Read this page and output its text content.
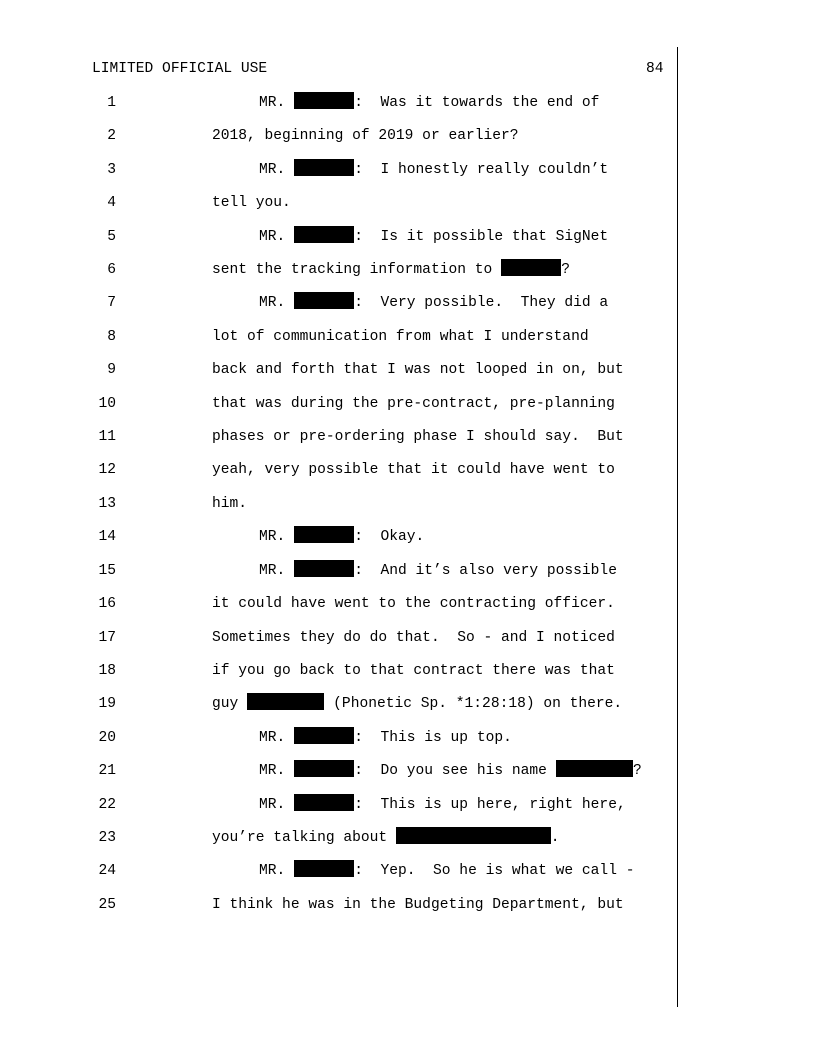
LIMITED OFFICIAL USE	84
1	MR.	:  Was it towards the end of
2	2018, beginning of 2019 or earlier?
3	MR.	:  I honestly really couldn’t
4	tell you.
5	MR.	:  Is it possible that SigNet
6	sent the tracking information to	?
7	MR.	:  Very possible.  They did a
8	lot of communication from what I understand
9	back and forth that I was not looped in on, but
10	that was during the pre-contract, pre-planning
11	phases or pre-ordering phase I should say.  But
12	yeah, very possible that it could have went to
13	him.
14	MR.	:  Okay.
15	MR.	:  And it’s also very possible
16	it could have went to the contracting officer.
17	Sometimes they do do that.  So - and I noticed
18	if you go back to that contract there was that
19	guy	(Phonetic Sp. *1:28:18) on there.
20	MR.	:  This is up top.
21	MR.	:  Do you see his name	?
22	MR.	:  This is up here, right here,
23	you’re talking about	.
24	MR.	:  Yep.  So he is what we call -
25	I think he was in the Budgeting Department, but
